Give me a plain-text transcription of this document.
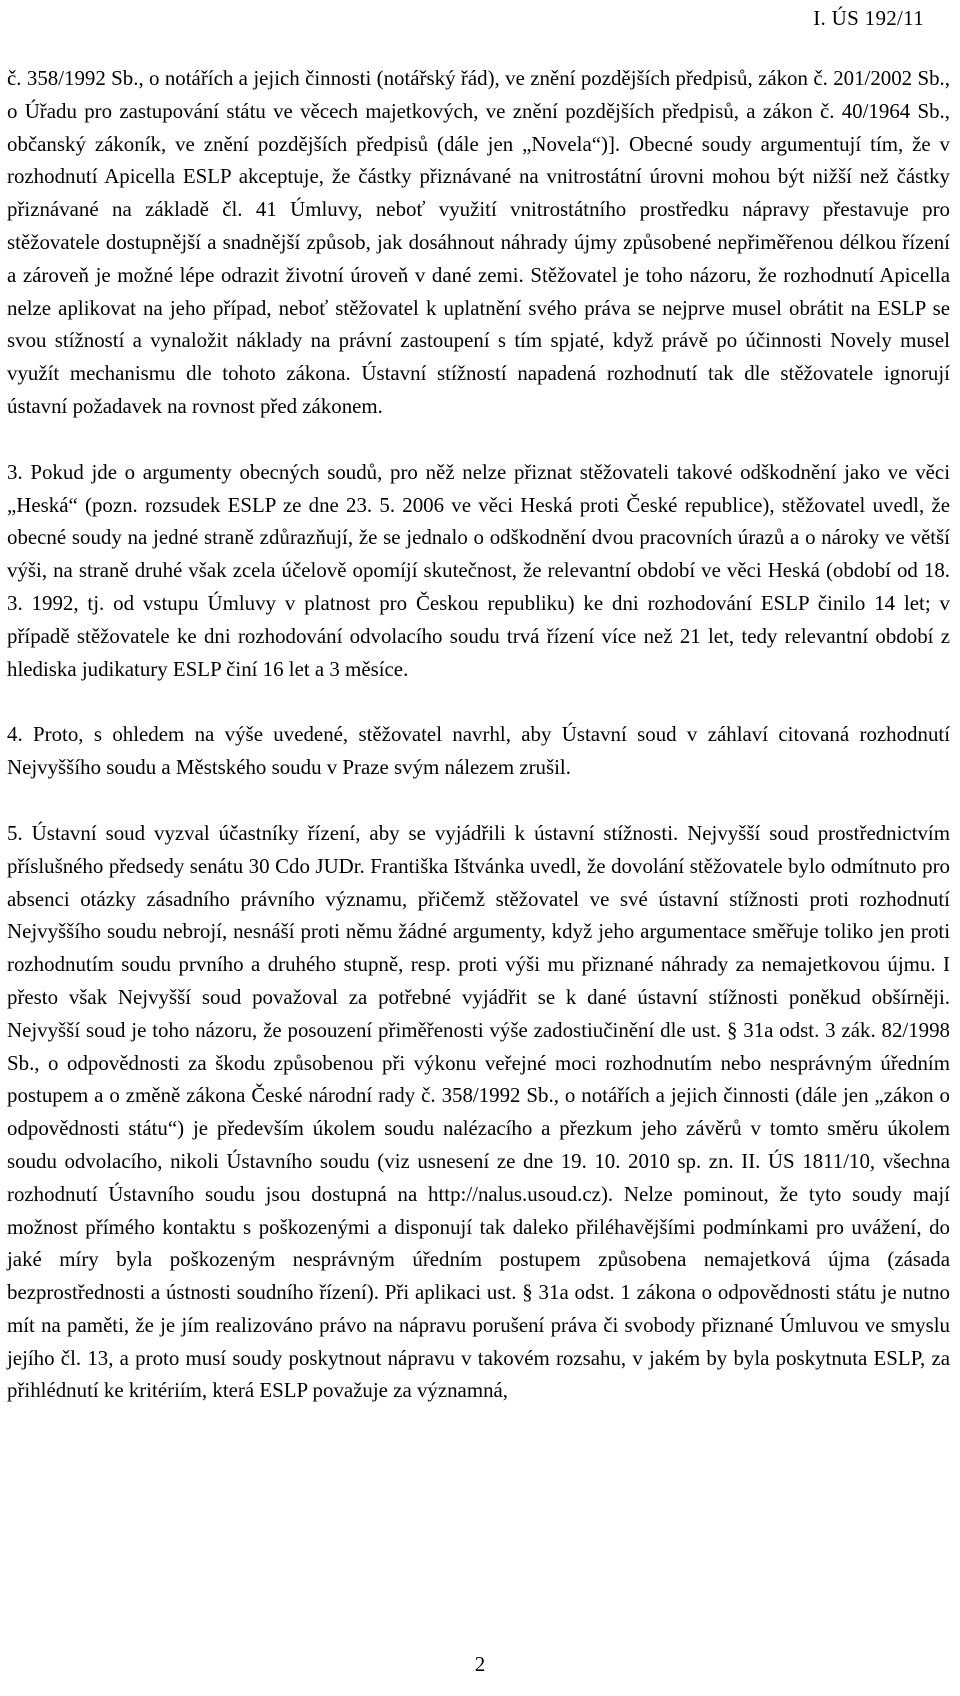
I. ÚS 192/11

č. 358/1992 Sb., o notářích a jejich činnosti (notářský řád), ve znění pozdějších předpisů, zákon č. 201/2002 Sb., o Úřadu pro zastupování státu ve věcech majetkových, ve znění pozdějších předpisů, a zákon č. 40/1964 Sb., občanský zákoník, ve znění pozdějších předpisů (dále jen „Novela“)]. Obecné soudy argumentují tím, že v rozhodnutí Apicella ESLP akceptuje, že částky přiznávané na vnitrostátní úrovni mohou být nižší než částky přiznávané na základě čl. 41 Úmluvy, neboť využití vnitrostátního prostředku nápravy přestavuje pro stěžovatele dostupnější a snadnější způsob, jak dosáhnout náhrady újmy způsobené nepřiměřenou délkou řízení a zároveň je možné lépe odrazit životní úroveň v dané zemi. Stěžovatel je toho názoru, že rozhodnutí Apicella nelze aplikovat na jeho případ, neboť stěžovatel k uplatnění svého práva se nejprve musel obrátit na ESLP se svou stížností a vynaložit náklady na právní zastoupení s tím spjaté, když právě po účinnosti Novely musel využít mechanismu dle tohoto zákona. Ústavní stížností napadená rozhodnutí tak dle stěžovatele ignorují ústavní požadavek na rovnost před zákonem.

3. Pokud jde o argumenty obecných soudů, pro něž nelze přiznat stěžovateli takové odškodnění jako ve věci „Heská“ (pozn. rozsudek ESLP ze dne 23. 5. 2006 ve věci Heská proti České republice), stěžovatel uvedl, že obecné soudy na jedné straně zdůrazňují, že se jednalo o odškodnění dvou pracovních úrazů a o nároky ve větší výši, na straně druhé však zcela účelově opomíjí skutečnost, že relevantní období ve věci Heská (období od 18. 3. 1992, tj. od vstupu Úmluvy v platnost pro Českou republiku) ke dni rozhodování ESLP činilo 14 let; v případě stěžovatele ke dni rozhodování odvolacího soudu trvá řízení více než 21 let, tedy relevantní období z hlediska judikatury ESLP činí 16 let a 3 měsíce.

4. Proto, s ohledem na výše uvedené, stěžovatel navrhl, aby Ústavní soud v záhlaví citovaná rozhodnutí Nejvyššího soudu a Městského soudu v Praze svým nálezem zrušil.

5. Ústavní soud vyzval účastníky řízení, aby se vyjádřili k ústavní stížnosti. Nejvyšší soud prostřednictvím příslušného předsedy senátu 30 Cdo JUDr. Františka Ištvánka uvedl, že dovolání stěžovatele bylo odmítnuto pro absenci otázky zásadního právního významu, přičemž stěžovatel ve své ústavní stížnosti proti rozhodnutí Nejvyššího soudu nebrojí, nesnáší proti němu žádné argumenty, když jeho argumentace směřuje toliko jen proti rozhodnutím soudu prvního a druhého stupně, resp. proti výši mu přiznané náhrady za nemajetkovou újmu. I přesto však Nejvyšší soud považoval za potřebné vyjádřit se k dané ústavní stížnosti poněkud obšírněji. Nejvyšší soud je toho názoru, že posouzení přiměřenosti výše zadostiučinění dle ust. § 31a odst. 3 zák. 82/1998 Sb., o odpovědnosti za škodu způsobenou při výkonu veřejné moci rozhodnutím nebo nesprávným úředním postupem a o změně zákona České národní rady č. 358/1992 Sb., o notářích a jejich činnosti (dále jen „zákon o odpovědnosti státu“) je především úkolem soudu nalézacího a přezkum jeho závěrů v tomto směru úkolem soudu odvolacího, nikoli Ústavního soudu (viz usnesení ze dne 19. 10. 2010 sp. zn. II. ÚS 1811/10, všechna rozhodnutí Ústavního soudu jsou dostupná na http://nalus.usoud.cz). Nelze pominout, že tyto soudy mají možnost přímého kontaktu s poškozenými a disponují tak daleko přiléhavějšími podmínkami pro uvážení, do jaké míry byla poškozeným nesprávným úředním postupem způsobena nemajetková újma (zásada bezprostřednosti a ústnosti soudního řízení). Při aplikaci ust. § 31a odst. 1 zákona o odpovědnosti státu je nutno mít na paměti, že je jím realizováno právo na nápravu porušení práva či svobody přiznané Úmluvou ve smyslu jejího čl. 13, a proto musí soudy poskytnout nápravu v takovém rozsahu, v jakém by byla poskytnuta ESLP, za přihlédnutí ke kritériím, která ESLP považuje za významná,

2
